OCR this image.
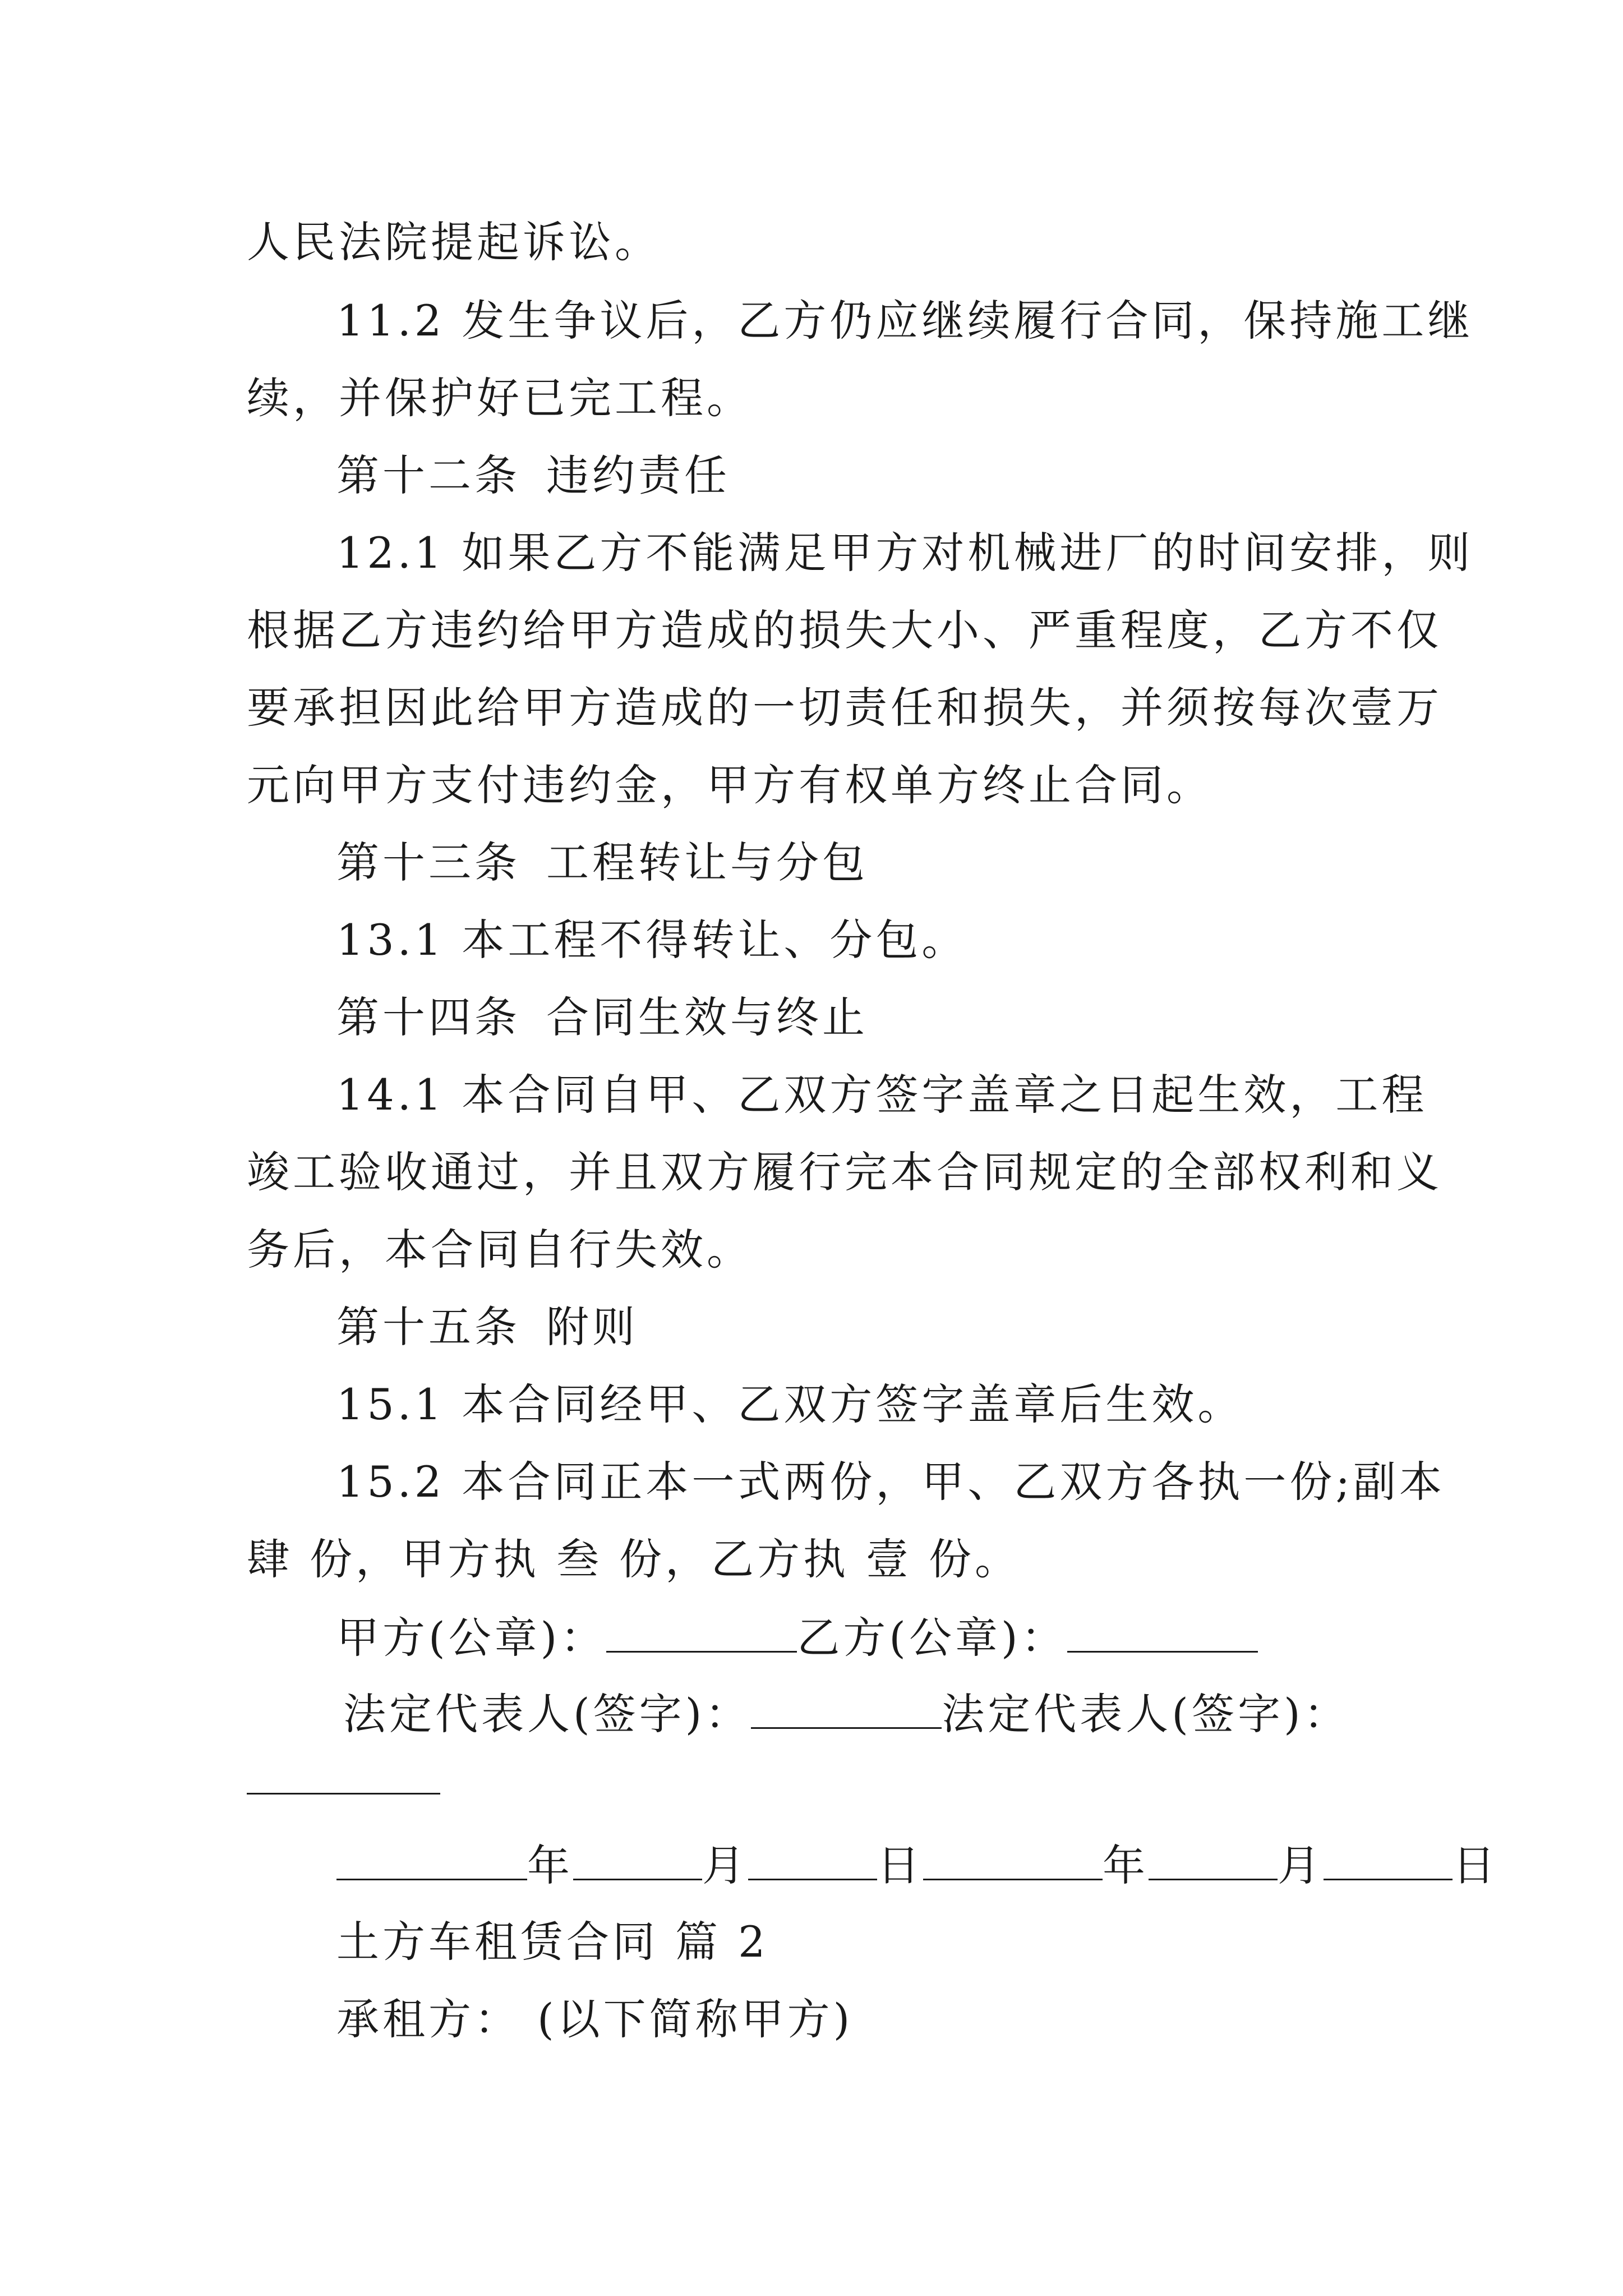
人民法院提起诉讼。
11.2 发生争议后，乙方仍应继续履行合同，保持施工继
续，并保护好已完工程。
第十二条 违约责任
12.1 如果乙方不能满足甲方对机械进厂的时间安排，则
根据乙方违约给甲方造成的损失大小、严重程度，乙方不仅
要承担因此给甲方造成的一切责任和损失，并须按每次壹万
元向甲方支付违约金，甲方有权单方终止合同。
第十三条 工程转让与分包
13.1 本工程不得转让、分包。
第十四条 合同生效与终止
14.1 本合同自甲、乙双方签字盖章之日起生效，工程
竣工验收通过，并且双方履行完本合同规定的全部权利和义
务后，本合同自行失效。
第十五条 附则
15.1 本合同经甲、乙双方签字盖章后生效。
15.2 本合同正本一式两份，甲、乙双方各执一份;副本
肆 份，甲方执 叁 份，乙方执 壹 份。
甲方(公章)：	乙方(公章)：
法定代表人(签字)：	法定代表人(签字)：
年	月	日	年	月	日
土方车租赁合同 篇 2
承租方： (以下简称甲方)
